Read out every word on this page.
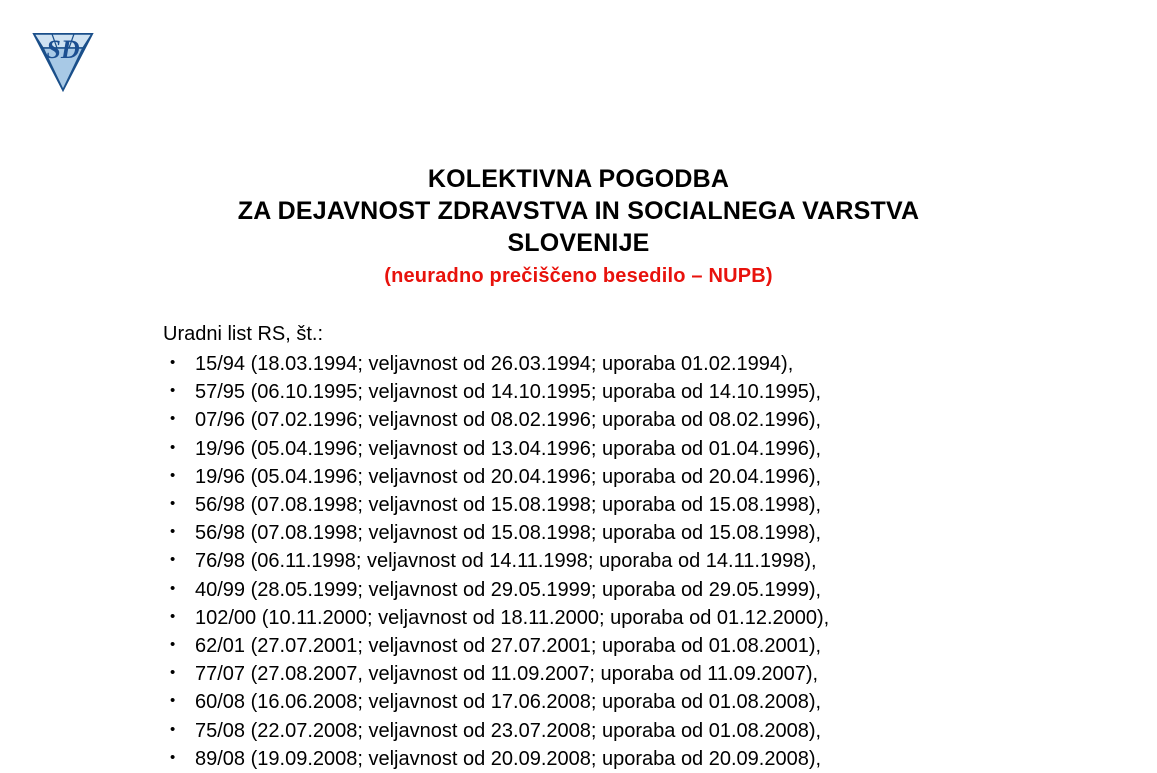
SD
KOLEKTIVNA POGODBA
ZA DEJAVNOST ZDRAVSTVA IN SOCIALNEGA VARSTVA
SLOVENIJE
(neuradno prečiščeno besedilo – NUPB)

Uradni list RS, št.:

• 15/94 (18.03.1994; veljavnost od 26.03.1994; uporaba 01.02.1994),
• 57/95 (06.10.1995; veljavnost od 14.10.1995; uporaba od 14.10.1995),
• 07/96 (07.02.1996; veljavnost od 08.02.1996; uporaba od 08.02.1996),
• 19/96 (05.04.1996; veljavnost od 13.04.1996; uporaba od 01.04.1996),
• 19/96 (05.04.1996; veljavnost od 20.04.1996; uporaba od 20.04.1996),
• 56/98 (07.08.1998; veljavnost od 15.08.1998; uporaba od 15.08.1998),
• 56/98 (07.08.1998; veljavnost od 15.08.1998; uporaba od 15.08.1998),
• 76/98 (06.11.1998; veljavnost od 14.11.1998; uporaba od 14.11.1998),
• 40/99 (28.05.1999; veljavnost od 29.05.1999; uporaba od 29.05.1999),
• 102/00 (10.11.2000; veljavnost od 18.11.2000; uporaba od 01.12.2000),
• 62/01 (27.07.2001; veljavnost od 27.07.2001; uporaba od 01.08.2001),
• 77/07 (27.08.2007, veljavnost od 11.09.2007; uporaba od 11.09.2007),
• 60/08 (16.06.2008; veljavnost od 17.06.2008; uporaba od 01.08.2008),
• 75/08 (22.07.2008; veljavnost od 23.07.2008; uporaba od 01.08.2008),
• 89/08 (19.09.2008; veljavnost od 20.09.2008; uporaba od 20.09.2008),
